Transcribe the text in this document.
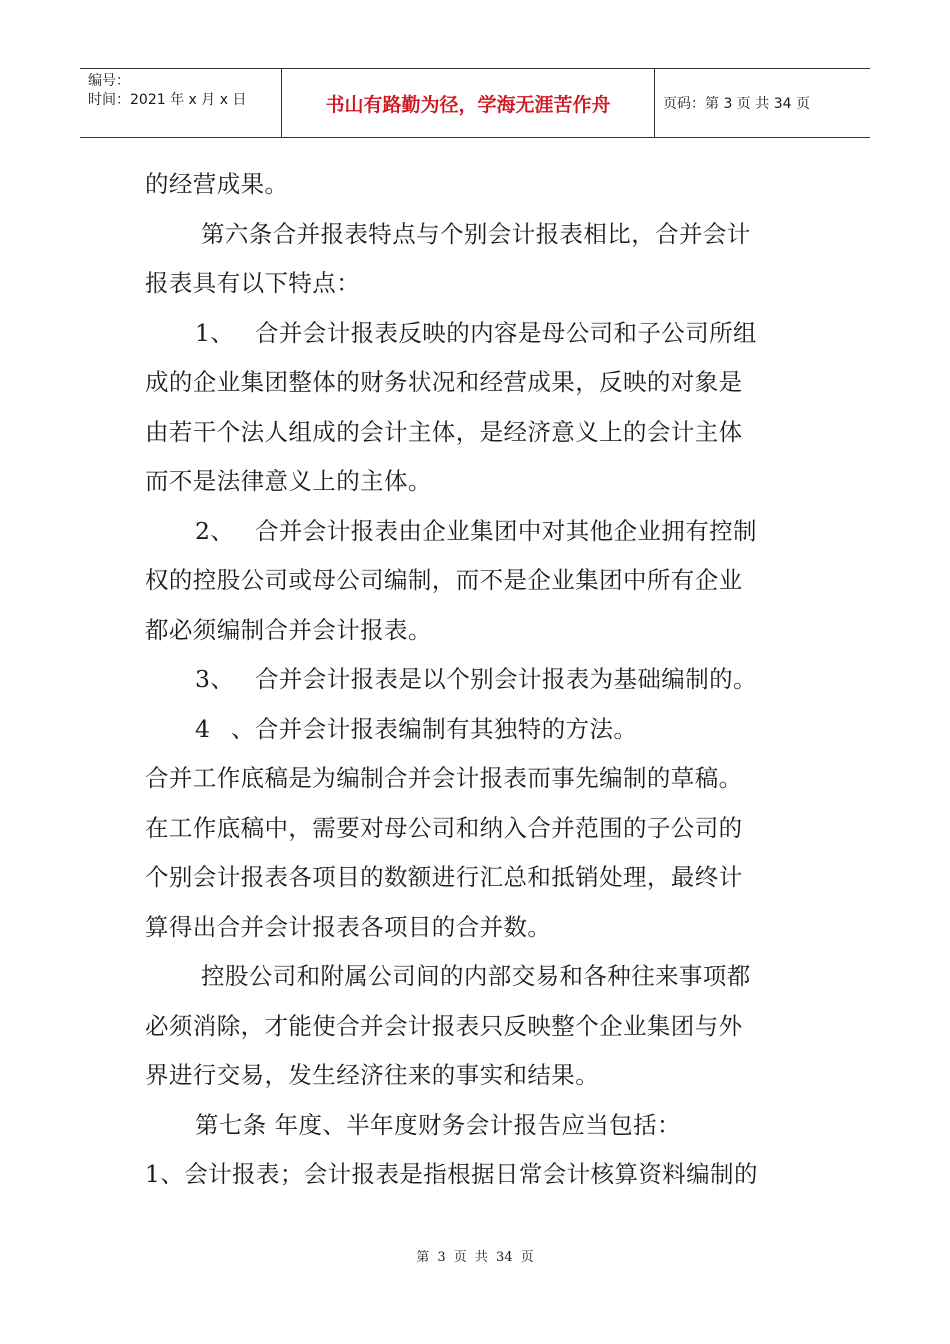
编号：
时间：2021 年 x 月 x 日	书山有路勤为径，学海无涯苦作舟	页码：第 3 页 共 34 页
的经营成果。
第六条合并报表特点与个别会计报表相比，合并会计
报表具有以下特点：
1、 合并会计报表反映的内容是母公司和子公司所组
成的企业集团整体的财务状况和经营成果，反映的对象是
由若干个法人组成的会计主体，是经济意义上的会计主体
而不是法律意义上的主体。
2、 合并会计报表由企业集团中对其他企业拥有控制
权的控股公司或母公司编制，而不是企业集团中所有企业
都必须编制合并会计报表。
3、 合并会计报表是以个别会计报表为基础编制的。
4 、合并会计报表编制有其独特的方法。
合并工作底稿是为编制合并会计报表而事先编制的草稿。
在工作底稿中，需要对母公司和纳入合并范围的子公司的
个别会计报表各项目的数额进行汇总和抵销处理，最终计
算得出合并会计报表各项目的合并数。
控股公司和附属公司间的内部交易和各种往来事项都
必须消除，才能使合并会计报表只反映整个企业集团与外
界进行交易，发生经济往来的事实和结果。
第七条 年度、半年度财务会计报告应当包括：
1、会计报表；会计报表是指根据日常会计核算资料编制的
第 3 页 共 34 页
